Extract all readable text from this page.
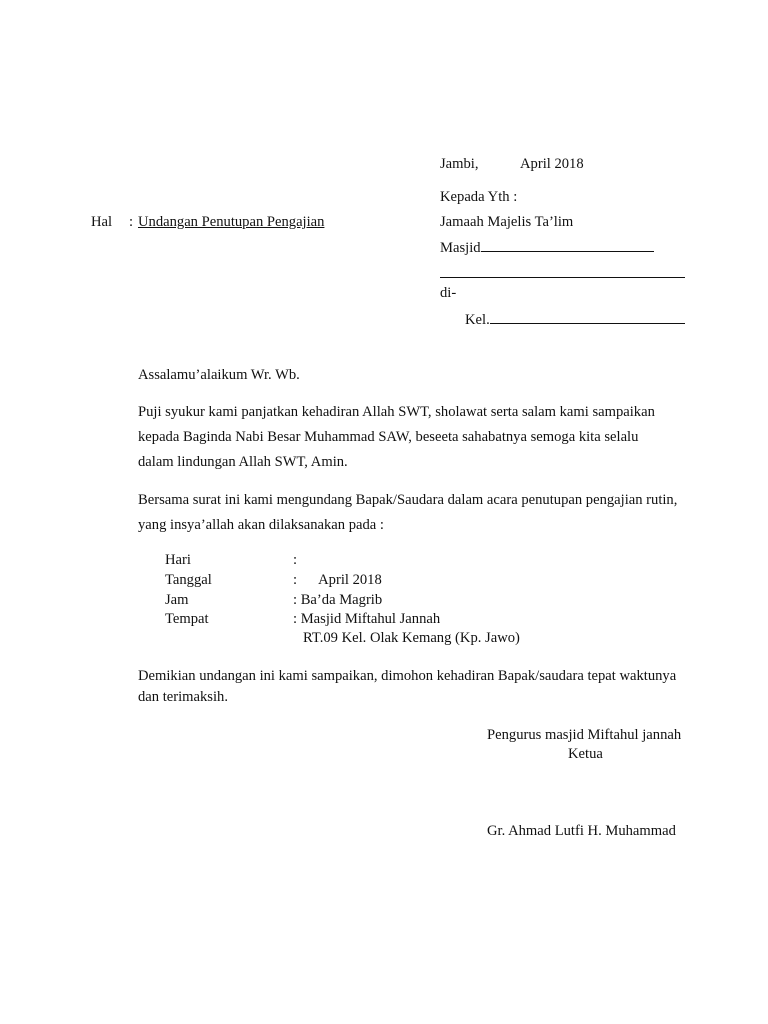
Jambi,	April 2018
Kepada Yth :
Jamaah Majelis Ta’lim
Masjid
di-
Kel.
Hal : Undangan Penutupan Pengajian
Assalamu’alaikum Wr. Wb.
Puji syukur kami panjatkan kehadiran Allah SWT, sholawat serta salam kami sampaikan
kepada Baginda Nabi Besar Muhammad SAW, beseeta sahabatnya semoga kita selalu
dalam lindungan Allah SWT, Amin.
Bersama surat ini kami mengundang Bapak/Saudara dalam acara penutupan pengajian rutin,
yang insya’allah akan dilaksanakan pada :
Hari	:
Tanggal	:      April 2018
Jam	: Ba’da Magrib
Tempat	: Masjid Miftahul Jannah
RT.09 Kel. Olak Kemang (Kp. Jawo)
Demikian undangan ini kami sampaikan, dimohon kehadiran Bapak/saudara tepat waktunya
dan terimaksih.
Pengurus masjid Miftahul jannah
Ketua
Gr. Ahmad Lutfi H. Muhammad
